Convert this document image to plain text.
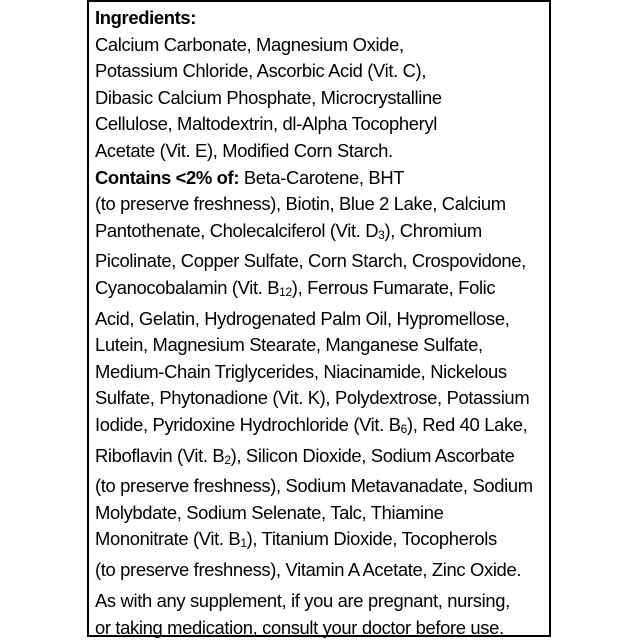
Ingredients:
Calcium Carbonate, Magnesium Oxide,
Potassium Chloride, Ascorbic Acid (Vit. C),
Dibasic Calcium Phosphate, Microcrystalline
Cellulose, Maltodextrin, dl-Alpha Tocopheryl
Acetate (Vit. E), Modified Corn Starch.
Contains <2% of: Beta-Carotene, BHT
(to preserve freshness), Biotin, Blue 2 Lake, Calcium
Pantothenate, Cholecalciferol (Vit. D3), Chromium
Picolinate, Copper Sulfate, Corn Starch, Crospovidone,
Cyanocobalamin (Vit. B12), Ferrous Fumarate, Folic
Acid, Gelatin, Hydrogenated Palm Oil, Hypromellose,
Lutein, Magnesium Stearate, Manganese Sulfate,
Medium-Chain Triglycerides, Niacinamide, Nickelous
Sulfate, Phytonadione (Vit. K), Polydextrose, Potassium
Iodide, Pyridoxine Hydrochloride (Vit. B6), Red 40 Lake,
Riboflavin (Vit. B2), Silicon Dioxide, Sodium Ascorbate
(to preserve freshness), Sodium Metavanadate, Sodium
Molybdate, Sodium Selenate, Talc, Thiamine
Mononitrate (Vit. B1), Titanium Dioxide, Tocopherols
(to preserve freshness), Vitamin A Acetate, Zinc Oxide.
As with any supplement, if you are pregnant, nursing,
or taking medication, consult your doctor before use.
